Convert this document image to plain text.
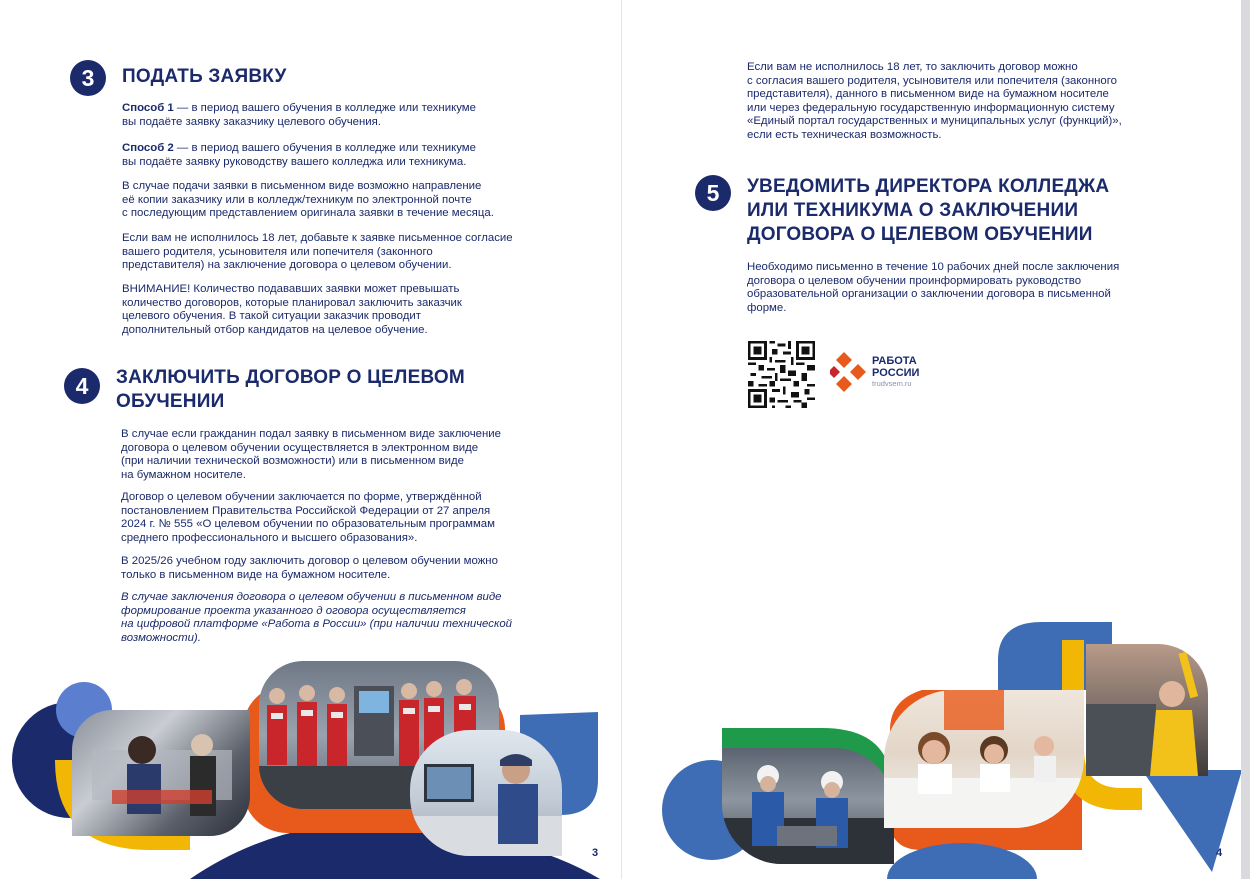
3 ПОДАТЬ ЗАЯВКУ
Способ 1 — в период вашего обучения в колледже или техникуме
вы подаёте заявку заказчику целевого обучения.
Способ 2 — в период вашего обучения в колледже или техникуме
вы подаёте заявку руководству вашего колледжа или техникума.
В случае подачи заявки в письменном виде возможно направление
её копии заказчику или в колледж/техникум по электронной почте
с последующим представлением оригинала заявки в течение месяца.
Если вам не исполнилось 18 лет, добавьте к заявке письменное согласие
вашего родителя, усыновителя или попечителя (законного
представителя) на заключение договора о целевом обучении.
ВНИМАНИЕ! Количество подававших заявки может превышать
количество договоров, которые планировал заключить заказчик
целевого обучения. В такой ситуации заказчик проводит
дополнительный отбор кандидатов на целевое обучение.
4 ЗАКЛЮЧИТЬ ДОГОВОР О ЦЕЛЕВОМ
ОБУЧЕНИИ
В случае если гражданин подал заявку в письменном виде заключение
договора о целевом обучении осуществляется в электронном виде
(при наличии технической возможности) или в письменном виде
на бумажном носителе.
Договор о целевом обучении заключается по форме, утверждённой
постановлением Правительства Российской Федерации от 27 апреля
2024 г. № 555 «О целевом обучении по образовательным программам
среднего профессионального и высшего образования».
В 2025/26 учебном году заключить договор о целевом обучении можно
только в письменном виде на бумажном носителе.
В случае заключения договора о целевом обучении в письменном виде
формирование проекта указанного д оговора осуществляется
на цифровой платформе «Работа в России» (при наличии технической
возможности).
3
Если вам не исполнилось 18 лет, то заключить договор можно
с согласия вашего родителя, усыновителя или попечителя (законного
представителя), данного в письменном виде на бумажном носителе
или через федеральную государственную информационную систему
«Единый портал государственных и муниципальных услуг (функций)»,
если есть техническая возможность.
5 УВЕДОМИТЬ ДИРЕКТОРА КОЛЛЕДЖА
ИЛИ ТЕХНИКУМА О ЗАКЛЮЧЕНИИ
ДОГОВОРА О ЦЕЛЕВОМ ОБУЧЕНИИ
Необходимо письменно в течение 10 рабочих дней после заключения
договора о целевом обучении проинформировать руководство
образовательной организации о заключении договора в письменной
форме.
РАБОТА
РОССИИ
trudvsem.ru
4
